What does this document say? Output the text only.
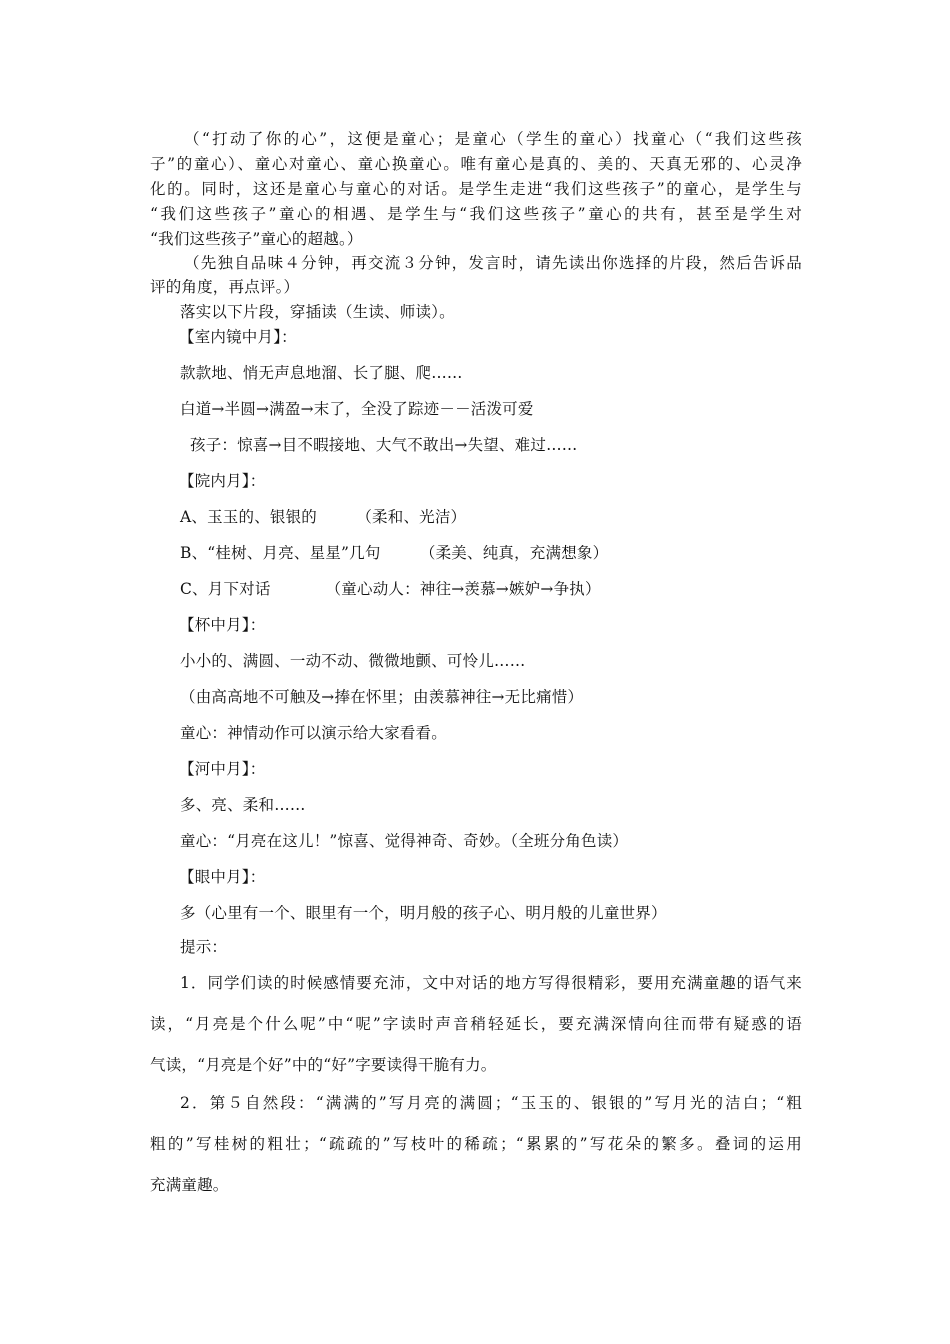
（“打动了你的心”，这便是童心；是童心（学生的童心）找童心（“我们这些孩
子”的童心）、童心对童心、童心换童心。唯有童心是真的、美的、天真无邪的、心灵净
化的。同时，这还是童心与童心的对话。是学生走进“我们这些孩子”的童心，是学生与
“我们这些孩子”童心的相遇、是学生与“我们这些孩子”童心的共有，甚至是学生对
“我们这些孩子”童心的超越。）
（先独自品味４分钟，再交流３分钟，发言时，请先读出你选择的片段，然后告诉品
评的角度，再点评。）
落实以下片段，穿插读（生读、师读）。
【室内镜中月】：
款款地、悄无声息地溜、长了腿、爬……
白道→半圆→满盈→末了，全没了踪迹－－活泼可爱
孩子：惊喜→目不暇接地、大气不敢出→失望、难过……
【院内月】：
A、玉玉的、银银的　　　（柔和、光洁）
B、“桂树、月亮、星星”几句　　　（柔美、纯真，充满想象）
C、月下对话　　　　（童心动人：神往→羡慕→嫉妒→争执）
【杯中月】：
小小的、满圆、一动不动、微微地颤、可怜儿……
（由高高地不可触及→捧在怀里；由羡慕神往→无比痛惜）
童心：神情动作可以演示给大家看看。
【河中月】：
多、亮、柔和……
童心：“月亮在这儿！”惊喜、觉得神奇、奇妙。（全班分角色读）
【眼中月】：
多（心里有一个、眼里有一个，明月般的孩子心、明月般的儿童世界）
提示：
1．同学们读的时候感情要充沛，文中对话的地方写得很精彩，要用充满童趣的语气来
读，“月亮是个什么呢”中“呢”字读时声音稍轻延长，要充满深情向往而带有疑惑的语
气读，“月亮是个好”中的“好”字要读得干脆有力。
2．第５自然段：“满满的”写月亮的满圆；“玉玉的、银银的”写月光的洁白；“粗
粗的”写桂树的粗壮；“疏疏的”写枝叶的稀疏；“累累的”写花朵的繁多。叠词的运用
充满童趣。
